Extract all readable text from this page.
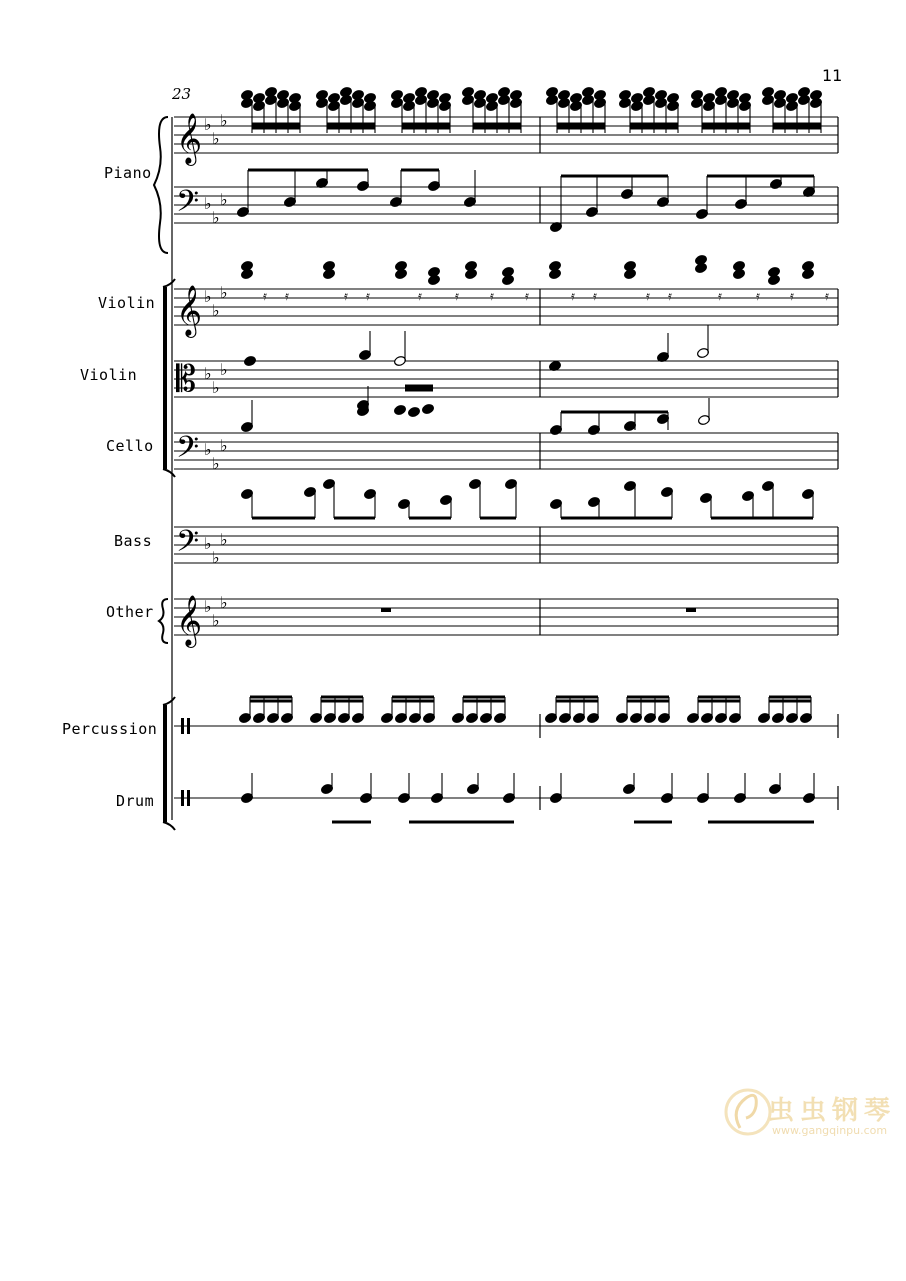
11
23
Piano
Violin
Violin
Cello
Bass
Other
Percussion
Drum
𝄞 ♭
♭
♭
𝄢 ♭
♭
♭
𝄞 ♭
♭
♭
𝄡 ♭
♭
♭
𝄢 ♭
♭
♭
𝄢 ♭
♭
♭
𝄞 ♭
♭
♭
𝄿 𝄿	𝄿 𝄿	𝄿	𝄿 𝄿 𝄿	𝄿 𝄿	𝄿 𝄿	𝄿	𝄿 𝄿 𝄿
虫虫钢琴
www.gangqinpu.com
